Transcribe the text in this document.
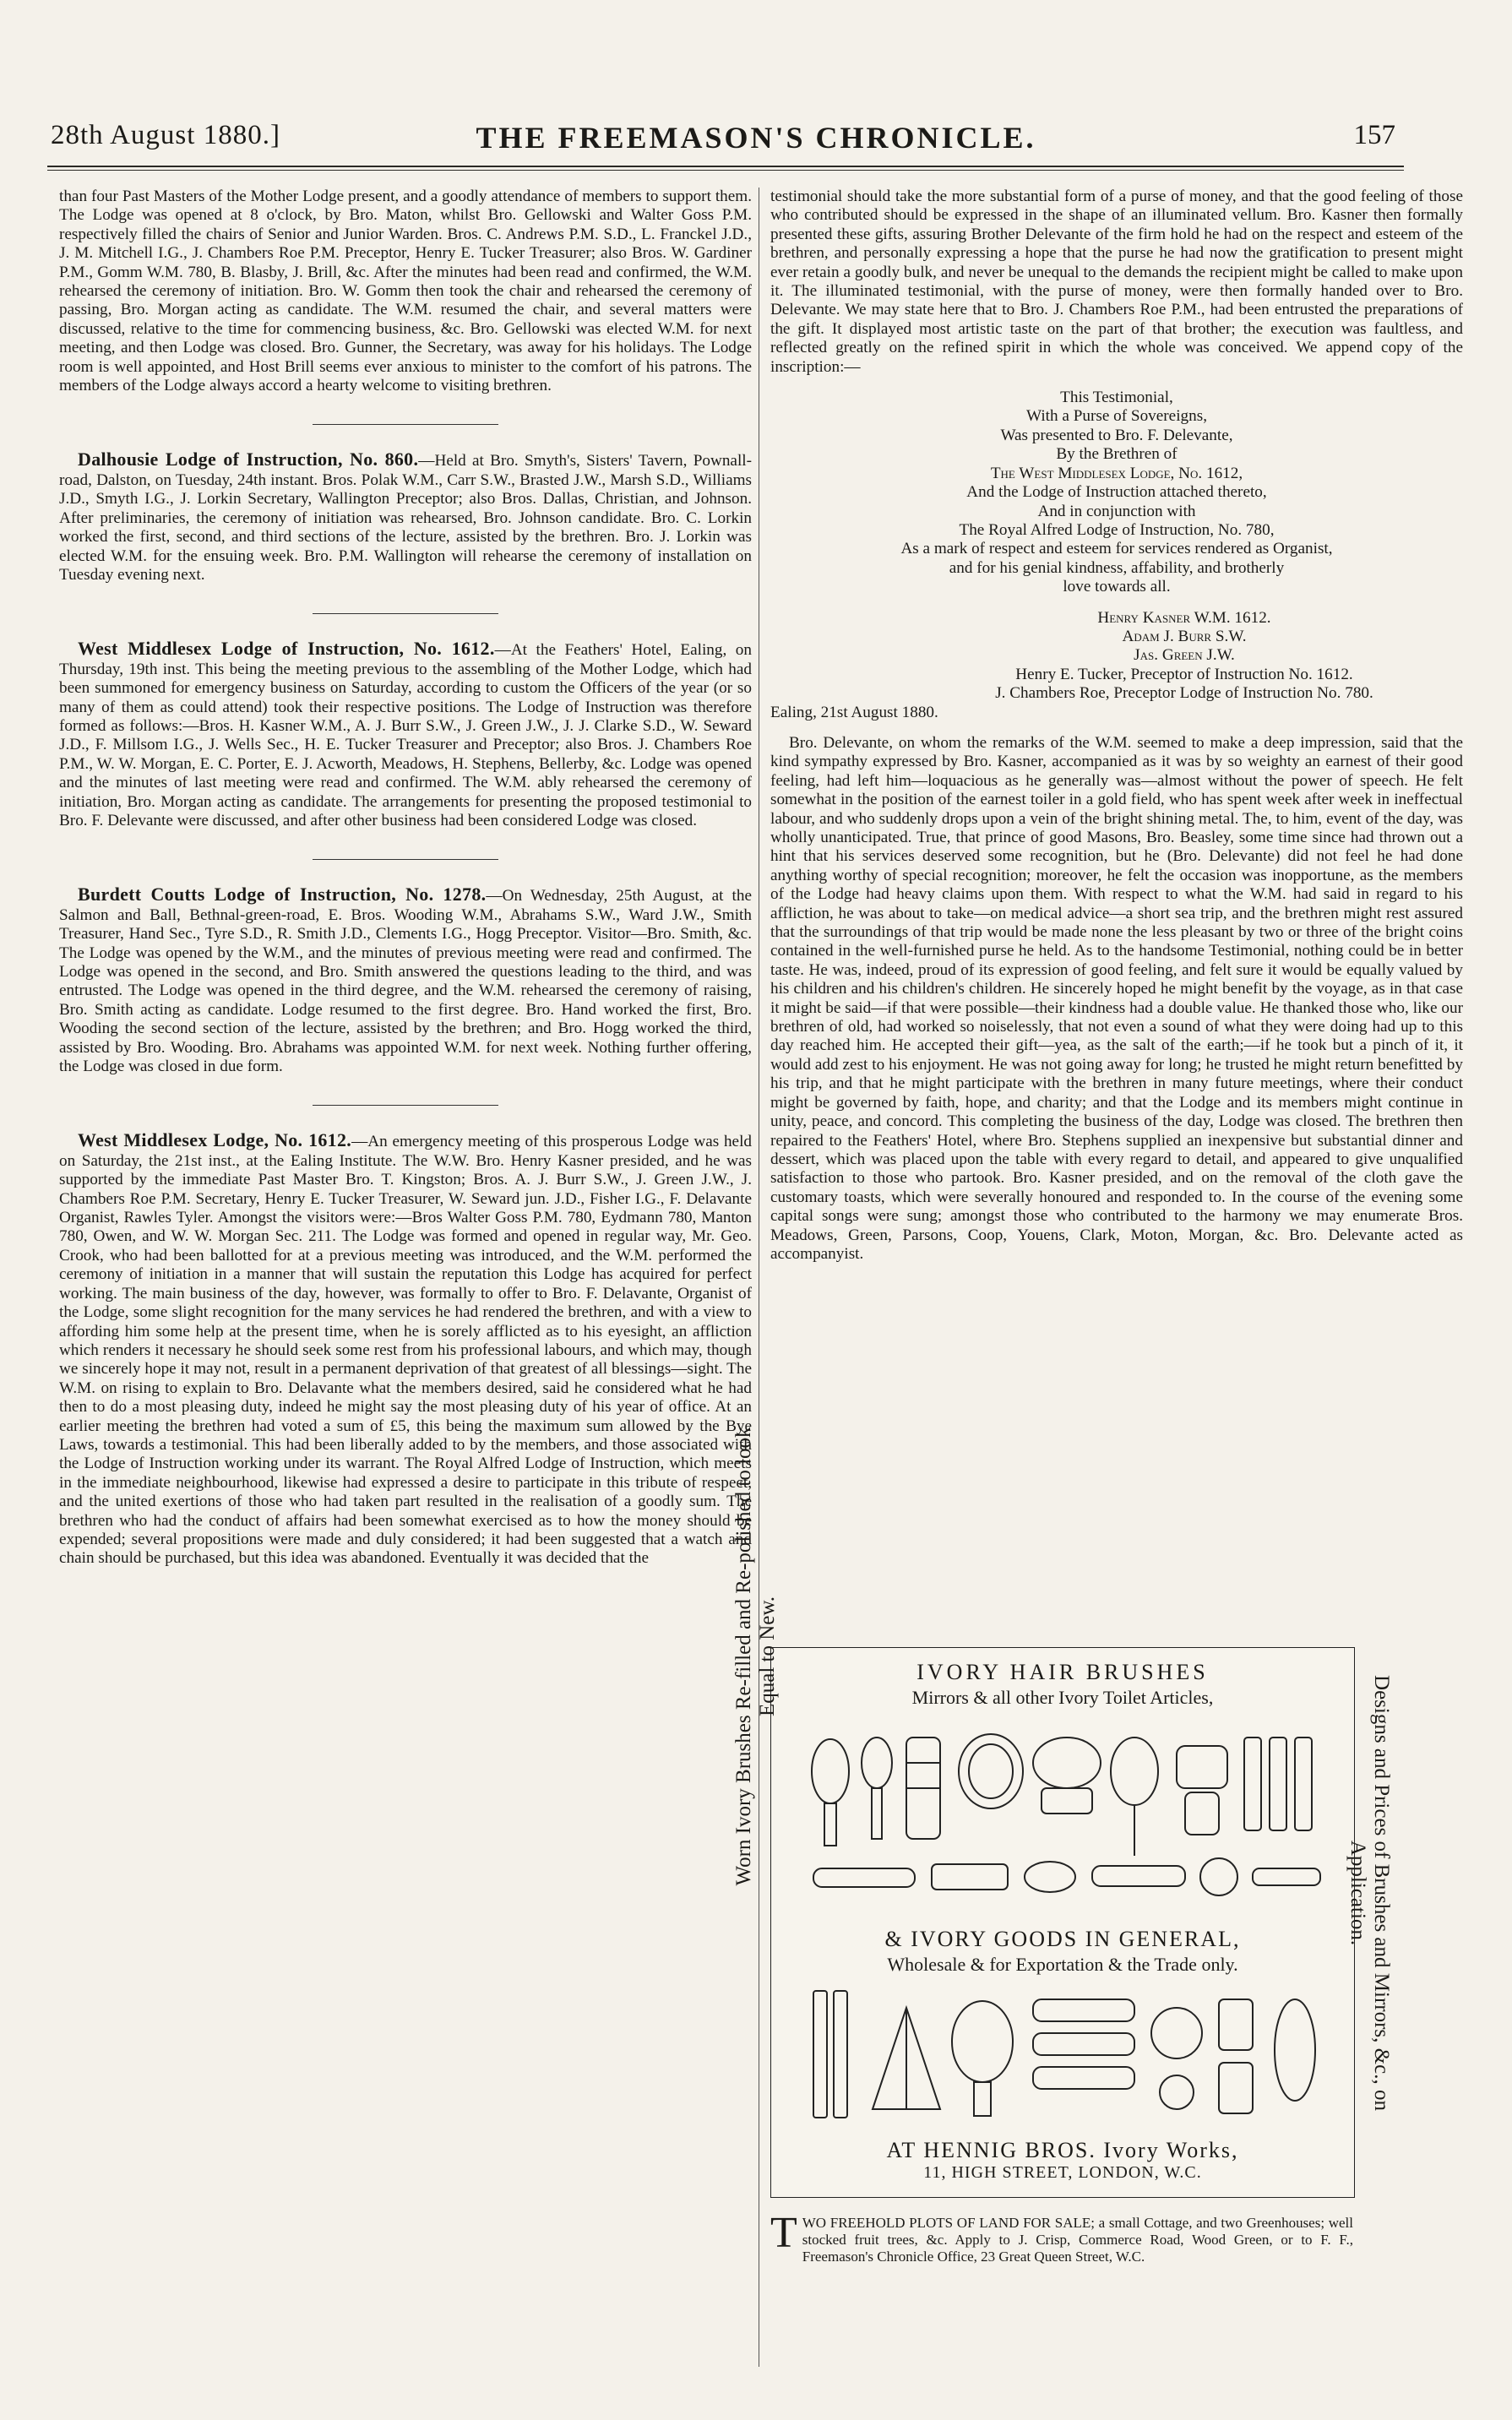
28th August 1880.]	THE FREEMASON'S CHRONICLE.	157

than four Past Masters of the Mother Lodge present, and a goodly attendance of members to support them. The Lodge was opened at 8 o'clock, by Bro. Maton, whilst Bro. Gellowski and Walter Goss P.M. respectively filled the chairs of Senior and Junior Warden. Bros. C. Andrews P.M. S.D., L. Franckel J.D., J. M. Mitchell I.G., J. Chambers Roe P.M. Preceptor, Henry E. Tucker Treasurer; also Bros. W. Gardiner P.M., Gomm W.M. 780, B. Blasby, J. Brill, &c. After the minutes had been read and confirmed, the W.M. rehearsed the ceremony of initiation. Bro. W. Gomm then took the chair and rehearsed the ceremony of passing, Bro. Morgan acting as candidate. The W.M. resumed the chair, and several matters were discussed, relative to the time for commencing business, &c. Bro. Gellowski was elected W.M. for next meeting, and then Lodge was closed. Bro. Gunner, the Secretary, was away for his holidays. The Lodge room is well appointed, and Host Brill seems ever anxious to minister to the comfort of his patrons. The members of the Lodge always accord a hearty welcome to visiting brethren.

Dalhousie Lodge of Instruction, No. 860.—Held at Bro. Smyth's, Sisters' Tavern, Pownall-road, Dalston, on Tuesday, 24th instant. Bros. Polak W.M., Carr S.W., Brasted J.W., Marsh S.D., Williams J.D., Smyth I.G., J. Lorkin Secretary, Wallington Preceptor; also Bros. Dallas, Christian, and Johnson. After preliminaries, the ceremony of initiation was rehearsed, Bro. Johnson candidate. Bro. C. Lorkin worked the first, second, and third sections of the lecture, assisted by the brethren. Bro. J. Lorkin was elected W.M. for the ensuing week. Bro. P.M. Wallington will rehearse the ceremony of installation on Tuesday evening next.

West Middlesex Lodge of Instruction, No. 1612.—At the Feathers' Hotel, Ealing, on Thursday, 19th inst. This being the meeting previous to the assembling of the Mother Lodge, which had been summoned for emergency business on Saturday, according to custom the Officers of the year (or so many of them as could attend) took their respective positions. The Lodge of Instruction was therefore formed as follows:—Bros. H. Kasner W.M., A. J. Burr S.W., J. Green J.W., J. J. Clarke S.D., W. Seward J.D., F. Millsom I.G., J. Wells Sec., H. E. Tucker Treasurer and Preceptor; also Bros. J. Chambers Roe P.M., W. W. Morgan, E. C. Porter, E. J. Acworth, Meadows, H. Stephens, Bellerby, &c. Lodge was opened and the minutes of last meeting were read and confirmed. The W.M. ably rehearsed the ceremony of initiation, Bro. Morgan acting as candidate. The arrangements for presenting the proposed testimonial to Bro. F. Delevante were discussed, and after other business had been considered Lodge was closed.

Burdett Coutts Lodge of Instruction, No. 1278.—On Wednesday, 25th August, at the Salmon and Ball, Bethnal-green-road, E. Bros. Wooding W.M., Abrahams S.W., Ward J.W., Smith Treasurer, Hand Sec., Tyre S.D., R. Smith J.D., Clements I.G., Hogg Preceptor. Visitor—Bro. Smith, &c. The Lodge was opened by the W.M., and the minutes of previous meeting were read and confirmed. The Lodge was opened in the second, and Bro. Smith answered the questions leading to the third, and was entrusted. The Lodge was opened in the third degree, and the W.M. rehearsed the ceremony of raising, Bro. Smith acting as candidate. Lodge resumed to the first degree. Bro. Hand worked the first, Bro. Wooding the second section of the lecture, assisted by the brethren; and Bro. Hogg worked the third, assisted by Bro. Wooding. Bro. Abrahams was appointed W.M. for next week. Nothing further offering, the Lodge was closed in due form.

West Middlesex Lodge, No. 1612.—An emergency meeting of this prosperous Lodge was held on Saturday, the 21st inst., at the Ealing Institute. The W.W. Bro. Henry Kasner presided, and he was supported by the immediate Past Master Bro. T. Kingston; Bros. A. J. Burr S.W., J. Green J.W., J. Chambers Roe P.M. Secretary, Henry E. Tucker Treasurer, W. Seward jun. J.D., Fisher I.G., F. Delavante Organist, Rawles Tyler. Amongst the visitors were:—Bros Walter Goss P.M. 780, Eydmann 780, Manton 780, Owen, and W. W. Morgan Sec. 211. The Lodge was formed and opened in regular way, Mr. Geo. Crook, who had been ballotted for at a previous meeting was introduced, and the W.M. performed the ceremony of initiation in a manner that will sustain the reputation this Lodge has acquired for perfect working. The main business of the day, however, was formally to offer to Bro. F. Delavante, Organist of the Lodge, some slight recognition for the many services he had rendered the brethren, and with a view to affording him some help at the present time, when he is sorely afflicted as to his eyesight, an affliction which renders it necessary he should seek some rest from his professional labours, and which may, though we sincerely hope it may not, result in a permanent deprivation of that greatest of all blessings—sight. The W.M. on rising to explain to Bro. Delavante what the members desired, said he considered what he had then to do a most pleasing duty, indeed he might say the most pleasing duty of his year of office. At an earlier meeting the brethren had voted a sum of £5, this being the maximum sum allowed by the Bye Laws, towards a testimonial. This had been liberally added to by the members, and those associated with the Lodge of Instruction working under its warrant. The Royal Alfred Lodge of Instruction, which meets in the immediate neighbourhood, likewise had expressed a desire to participate in this tribute of respect, and the united exertions of those who had taken part resulted in the realisation of a goodly sum. The brethren who had the conduct of affairs had been somewhat exercised as to how the money should be expended; several propositions were made and duly considered; it had been suggested that a watch and chain should be purchased, but this idea was abandoned. Eventually it was decided that the

testimonial should take the more substantial form of a purse of money, and that the good feeling of those who contributed should be expressed in the shape of an illuminated vellum. Bro. Kasner then formally presented these gifts, assuring Brother Delevante of the firm hold he had on the respect and esteem of the brethren, and personally expressing a hope that the purse he had now the gratification to present might ever retain a goodly bulk, and never be unequal to the demands the recipient might be called to make upon it. The illuminated testimonial, with the purse of money, were then formally handed over to Bro. Delevante. We may state here that to Bro. J. Chambers Roe P.M., had been entrusted the preparations of the gift. It displayed most artistic taste on the part of that brother; the execution was faultless, and reflected greatly on the refined spirit in which the whole was conceived. We append copy of the inscription:—

This Testimonial,
With a Purse of Sovereigns,
Was presented to Bro. F. Delevante,
By the Brethren of
The West Middlesex Lodge, No. 1612,
And the Lodge of Instruction attached thereto,
And in conjunction with
The Royal Alfred Lodge of Instruction, No. 780,
As a mark of respect and esteem for services rendered as Organist,
and for his genial kindness, affability, and brotherly
love towards all.
Henry Kasner W.M. 1612.
Adam J. Burr S.W.
Jas. Green J.W.
Henry E. Tucker, Preceptor of Instruction No. 1612.
J. Chambers Roe, Preceptor Lodge of Instruction No. 780.

Ealing, 21st August 1880.

Bro. Delevante, on whom the remarks of the W.M. seemed to make a deep impression, said that the kind sympathy expressed by Bro. Kasner, accompanied as it was by so weighty an earnest of their good feeling, had left him—loquacious as he generally was—almost without the power of speech. He felt somewhat in the position of the earnest toiler in a gold field, who has spent week after week in ineffectual labour, and who suddenly drops upon a vein of the bright shining metal. The, to him, event of the day, was wholly unanticipated. True, that prince of good Masons, Bro. Beasley, some time since had thrown out a hint that his services deserved some recognition, but he (Bro. Delevante) did not feel he had done anything worthy of special recognition; moreover, he felt the occasion was inopportune, as the members of the Lodge had heavy claims upon them. With respect to what the W.M. had said in regard to his affliction, he was about to take—on medical advice—a short sea trip, and the brethren might rest assured that the surroundings of that trip would be made none the less pleasant by two or three of the bright coins contained in the well-furnished purse he held. As to the handsome Testimonial, nothing could be in better taste. He was, indeed, proud of its expression of good feeling, and felt sure it would be equally valued by his children and his children's children. He sincerely hoped he might benefit by the voyage, as in that case it might be said—if that were possible—their kindness had a double value. He thanked those who, like our brethren of old, had worked so noiselessly, that not even a sound of what they were doing had up to this day reached him. He accepted their gift—yea, as the salt of the earth;—if he took but a pinch of it, it would add zest to his enjoyment. He was not going away for long; he trusted he might return benefitted by his trip, and that he might participate with the brethren in many future meetings, where their conduct might be governed by faith, hope, and charity; and that the Lodge and its members might continue in unity, peace, and concord. This completing the business of the day, Lodge was closed. The brethren then repaired to the Feathers' Hotel, where Bro. Stephens supplied an inexpensive but substantial dinner and dessert, which was placed upon the table with every regard to detail, and appeared to give unqualified satisfaction to those who partook. Bro. Kasner presided, and on the removal of the cloth gave the customary toasts, which were severally honoured and responded to. In the course of the evening some capital songs were sung; amongst those who contributed to the harmony we may enumerate Bros. Meadows, Green, Parsons, Coop, Youens, Clark, Moton, Morgan, &c. Bro. Delevante acted as accompanyist.

Worn Ivory Brushes Re-filled and Re-polished to look Equal to New.
Designs and Prices of Brushes and Mirrors, &c., on Application.
IVORY HAIR BRUSHES
Mirrors & all other Ivory Toilet Articles,
& IVORY GOODS IN GENERAL,
Wholesale & for Exportation & the Trade only.
AT HENNIG BROS. Ivory Works,
11, HIGH STREET, LONDON, W.C.
T WO FREEHOLD PLOTS OF LAND FOR SALE; a small Cottage, and two Greenhouses; well stocked fruit trees, &c. Apply to J. Crisp, Commerce Road, Wood Green, or to F. F., Freemason's Chronicle Office, 23 Great Queen Street, W.C.
